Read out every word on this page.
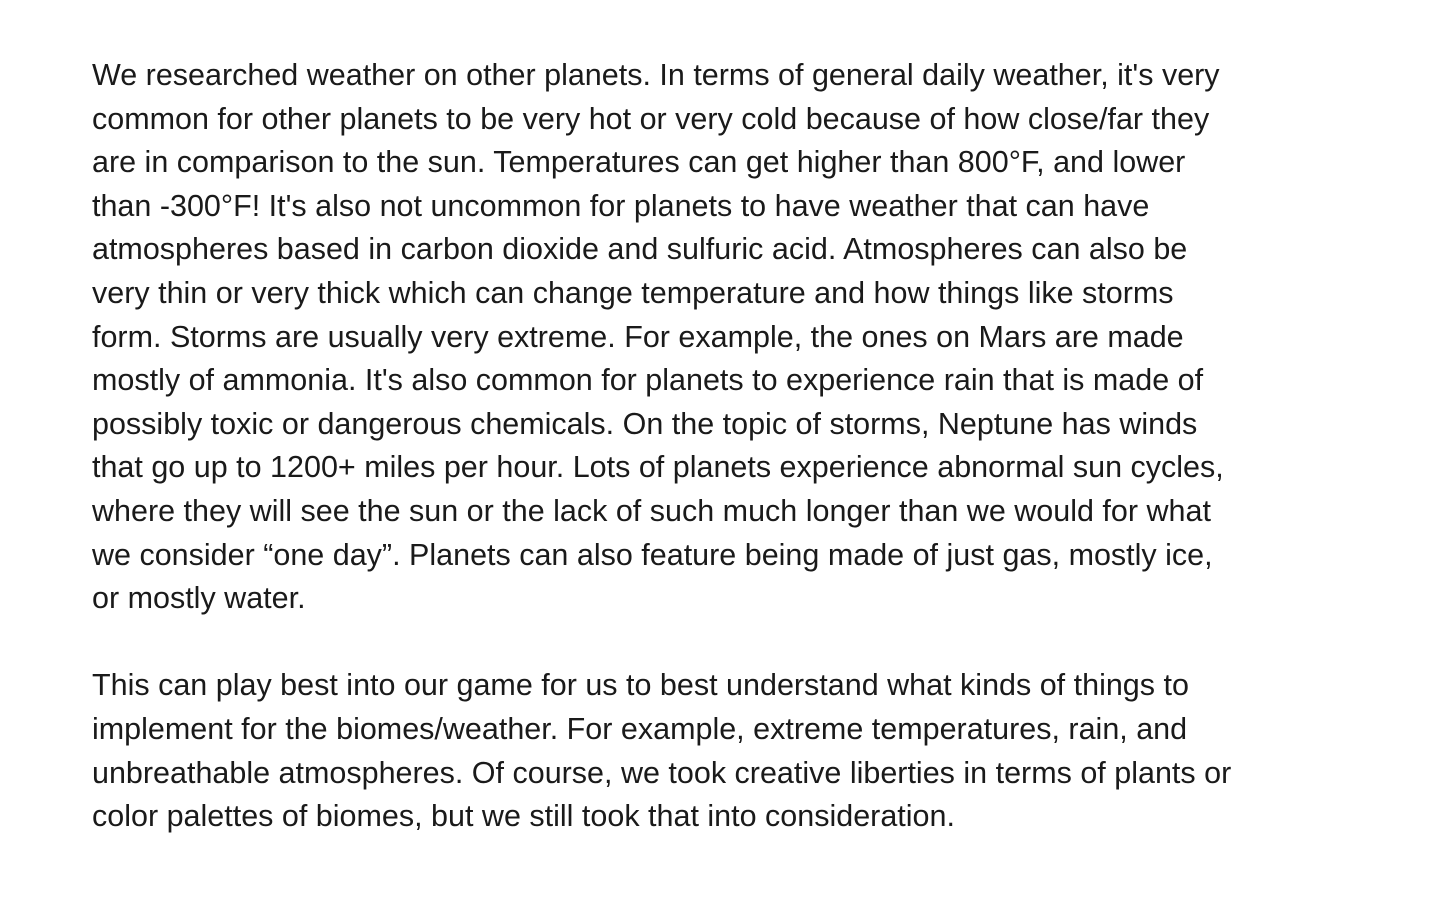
We researched weather on other planets. In terms of general daily weather, it's very
common for other planets to be very hot or very cold because of how close/far they
are in comparison to the sun. Temperatures can get higher than 800°F, and lower
than -300°F! It's also not uncommon for planets to have weather that can have
atmospheres based in carbon dioxide and sulfuric acid. Atmospheres can also be
very thin or very thick which can change temperature and how things like storms
form. Storms are usually very extreme. For example, the ones on Mars are made
mostly of ammonia. It's also common for planets to experience rain that is made of
possibly toxic or dangerous chemicals. On the topic of storms, Neptune has winds
that go up to 1200+ miles per hour. Lots of planets experience abnormal sun cycles,
where they will see the sun or the lack of such much longer than we would for what
we consider “one day”. Planets can also feature being made of just gas, mostly ice,
or mostly water.

This can play best into our game for us to best understand what kinds of things to
implement for the biomes/weather. For example, extreme temperatures, rain, and
unbreathable atmospheres. Of course, we took creative liberties in terms of plants or
color palettes of biomes, but we still took that into consideration.
